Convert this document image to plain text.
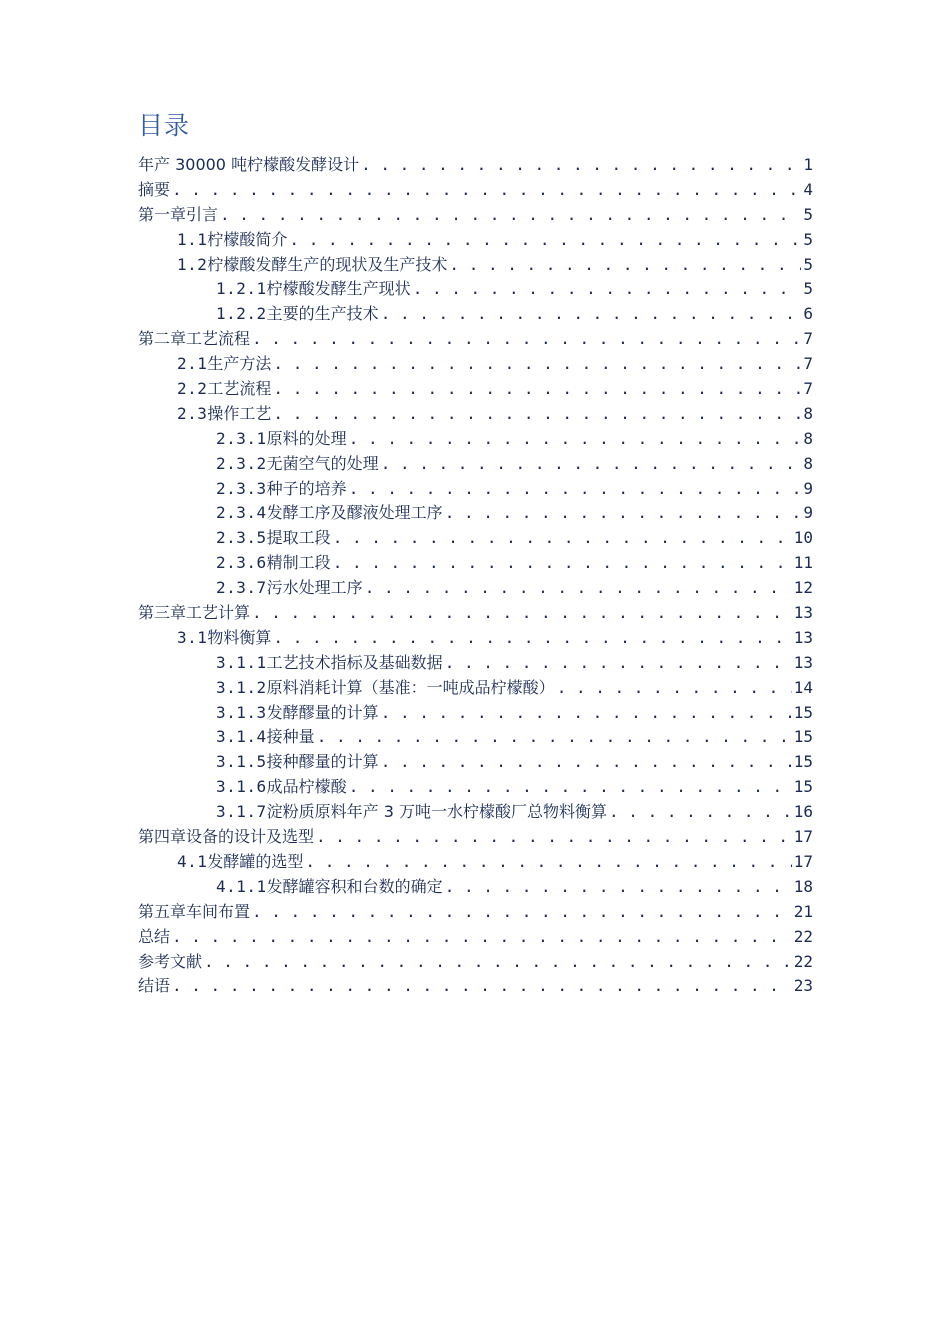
目录
年产 30000 吨柠檬酸发酵设计 . . .	1
摘要 . . .	4
第一章引言 . . .	5
1.1 柠檬酸简介 . . .	5
1.2 柠檬酸发酵生产的现状及生产技术 . . .	5
1.2.1 柠檬酸发酵生产现状 . . .	5
1.2.2 主要的生产技术 . . .	6
第二章工艺流程 . . .	7
2.1 生产方法 . . .	7
2.2 工艺流程 . . .	7
2.3 操作工艺 . . .	8
2.3.1 原料的处理 . . .	8
2.3.2 无菌空气的处理 . . .	8
2.3.3 种子的培养 . . .	9
2.3.4 发酵工序及醪液处理工序 . . .	9
2.3.5 提取工段 . . .	10
2.3.6 精制工段 . . .	11
2.3.7 污水处理工序 . . .	12
第三章工艺计算 . . .	13
3.1 物料衡算 . . .	13
3.1.1 工艺技术指标及基础数据 . . .	13
3.1.2 原料消耗计算（基准：一吨成品柠檬酸） . . .	14
3.1.3 发酵醪量的计算 . . .	15
3.1.4 接种量 . . .	15
3.1.5 接种醪量的计算 . . .	15
3.1.6 成品柠檬酸 . . .	15
3.1.7 淀粉质原料年产 3 万吨一水柠檬酸厂总物料衡算 . . .	16
第四章设备的设计及选型 . . .	17
4.1 发酵罐的选型 . . .	17
4.1.1 发酵罐容积和台数的确定 . . .	18
第五章车间布置 . . .	21
总结 . . .	22
参考文献 . . .	22
结语 . . .	23
